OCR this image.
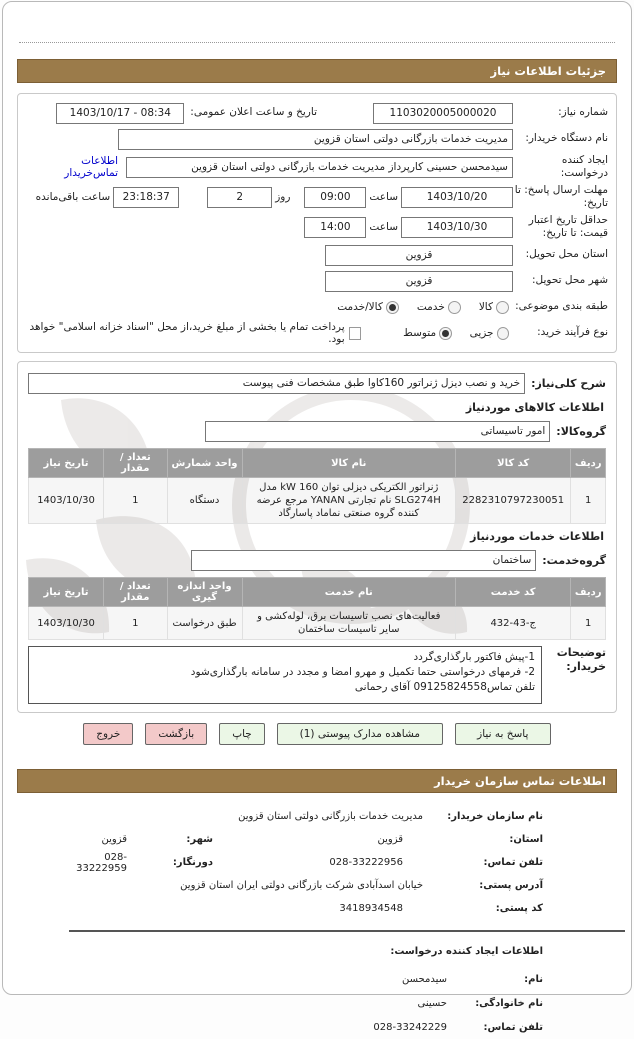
جزئیات اطلاعات نیاز
شماره نیاز:
1103020005000020
تاریخ و ساعت اعلان عمومی:
1403/10/17 - 08:34
نام دستگاه خریدار:
مدیریت خدمات بازرگانی دولتی استان قزوین
ایجاد کننده درخواست:
سیدمحسن حسینی کارپرداز مدیریت خدمات بازرگانی دولتی استان قزوین
اطلاعات تماس‌خریدار
مهلت ارسال پاسخ: تا تاریخ:
1403/10/20
ساعت
09:00
روز
2
23:18:37
ساعت باقی‌مانده
حداقل تاریخ اعتبار قیمت: تا تاریخ:
1403/10/30
ساعت
14:00
استان محل تحویل:
قزوین
شهر محل تحویل:
قزوین
طبقه بندی موضوعی:
کالا
خدمت
کالا/خدمت
نوع فرآیند خرید:
جزیی
متوسط
پرداخت تمام یا بخشی از مبلغ خرید،از محل "اسناد خزانه اسلامی" خواهد بود.
شرح کلی‌نیاز:
خرید و نصب دیزل ژنراتور 160کاوا طبق مشخصات فنی پیوست
اطلاعات کالاهای موردنیاز
گروه‌کالا:
امور تاسیساتی
ردیف	کد کالا	نام کالا	واحد شمارش	تعداد / مقدار	تاریخ نیاز
1	2282310797230051	ژنراتور الکتریکی دیزلی توان 160 kW مدل SLG274H نام تجارتی YANAN مرجع عرضه کننده گروه صنعتی نماماد پاسارگاد	دستگاه	1	1403/10/30
اطلاعات خدمات موردنیاز
گروه‌خدمت:
ساختمان
ردیف	کد خدمت	نام خدمت	واحد اندازه گیری	تعداد / مقدار	تاریخ نیاز
1	ج-43-432	فعالیت‌های نصب تاسیسات برق، لوله‌کشی و سایر تاسیسات ساختمان	طبق درخواست	1	1403/10/30
توضیحات خریدار:
1-پیش فاکتور بارگذاری‌گردد
2- فرمهای درخواستی حتما تکمیل و مهرو امضا و مجدد در سامانه بارگذاری‌شود
تلفن تماس09125824558 آقای رحمانی
پاسخ به نیاز
مشاهده مدارک پیوستی (1)
چاپ
بازگشت
خروج
اطلاعات تماس سازمان خریدار
نام سازمان خریدار:
مدیریت خدمات بازرگانی دولتی استان قزوین
استان:
قزوین
شهر:
قزوین
تلفن تماس:
028-33222956
دورنگار:
028-33222959
آدرس پستی:
خیابان اسدآبادی شرکت بازرگانی دولتی ایران استان قزوین
کد پستی:
3418934548
اطلاعات ایجاد کننده درخواست:
نام:
سیدمحسن
نام خانوادگی:
حسینی
تلفن تماس:
028-33242229
